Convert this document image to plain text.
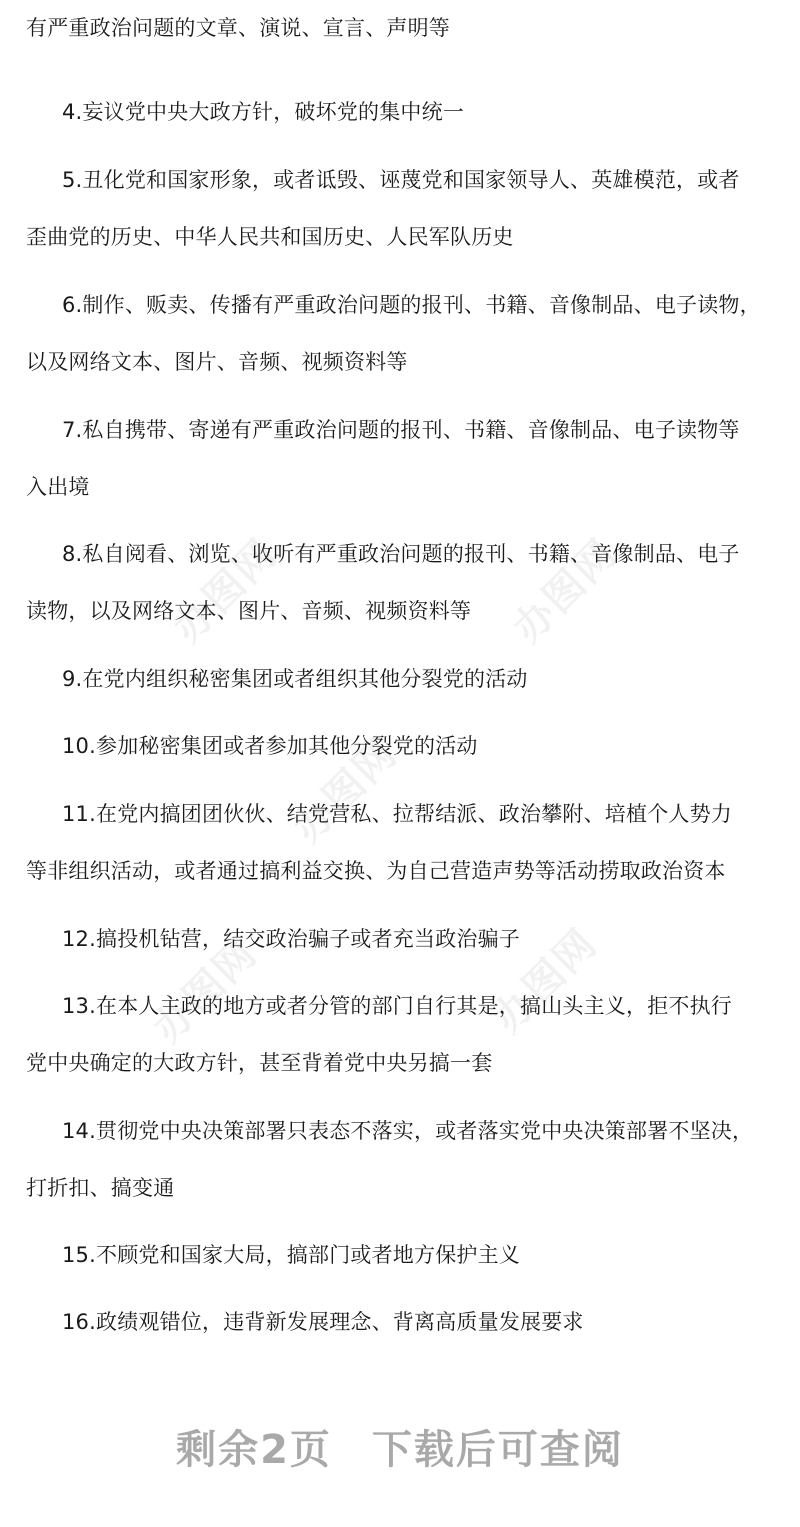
办图网	办图网
办图网
办图网
办图网
有严重政治问题的文章、演说、宣言、声明等
4.妄议党中央大政方针，破坏党的集中统一
5.丑化党和国家形象，或者诋毁、诬蔑党和国家领导人、英雄模范，或者
歪曲党的历史、中华人民共和国历史、人民军队历史
6.制作、贩卖、传播有严重政治问题的报刊、书籍、音像制品、电子读物，
以及网络文本、图片、音频、视频资料等
7.私自携带、寄递有严重政治问题的报刊、书籍、音像制品、电子读物等
入出境
8.私自阅看、浏览、收听有严重政治问题的报刊、书籍、音像制品、电子
读物，以及网络文本、图片、音频、视频资料等
9.在党内组织秘密集团或者组织其他分裂党的活动
10.参加秘密集团或者参加其他分裂党的活动
11.在党内搞团团伙伙、结党营私、拉帮结派、政治攀附、培植个人势力
等非组织活动，或者通过搞利益交换、为自己营造声势等活动捞取政治资本
12.搞投机钻营，结交政治骗子或者充当政治骗子
13.在本人主政的地方或者分管的部门自行其是，搞山头主义，拒不执行
党中央确定的大政方针，甚至背着党中央另搞一套
14.贯彻党中央决策部署只表态不落实，或者落实党中央决策部署不坚决，
打折扣、搞变通
15.不顾党和国家大局，搞部门或者地方保护主义
16.政绩观错位，违背新发展理念、背离高质量发展要求
剩余2页 下载后可查阅
